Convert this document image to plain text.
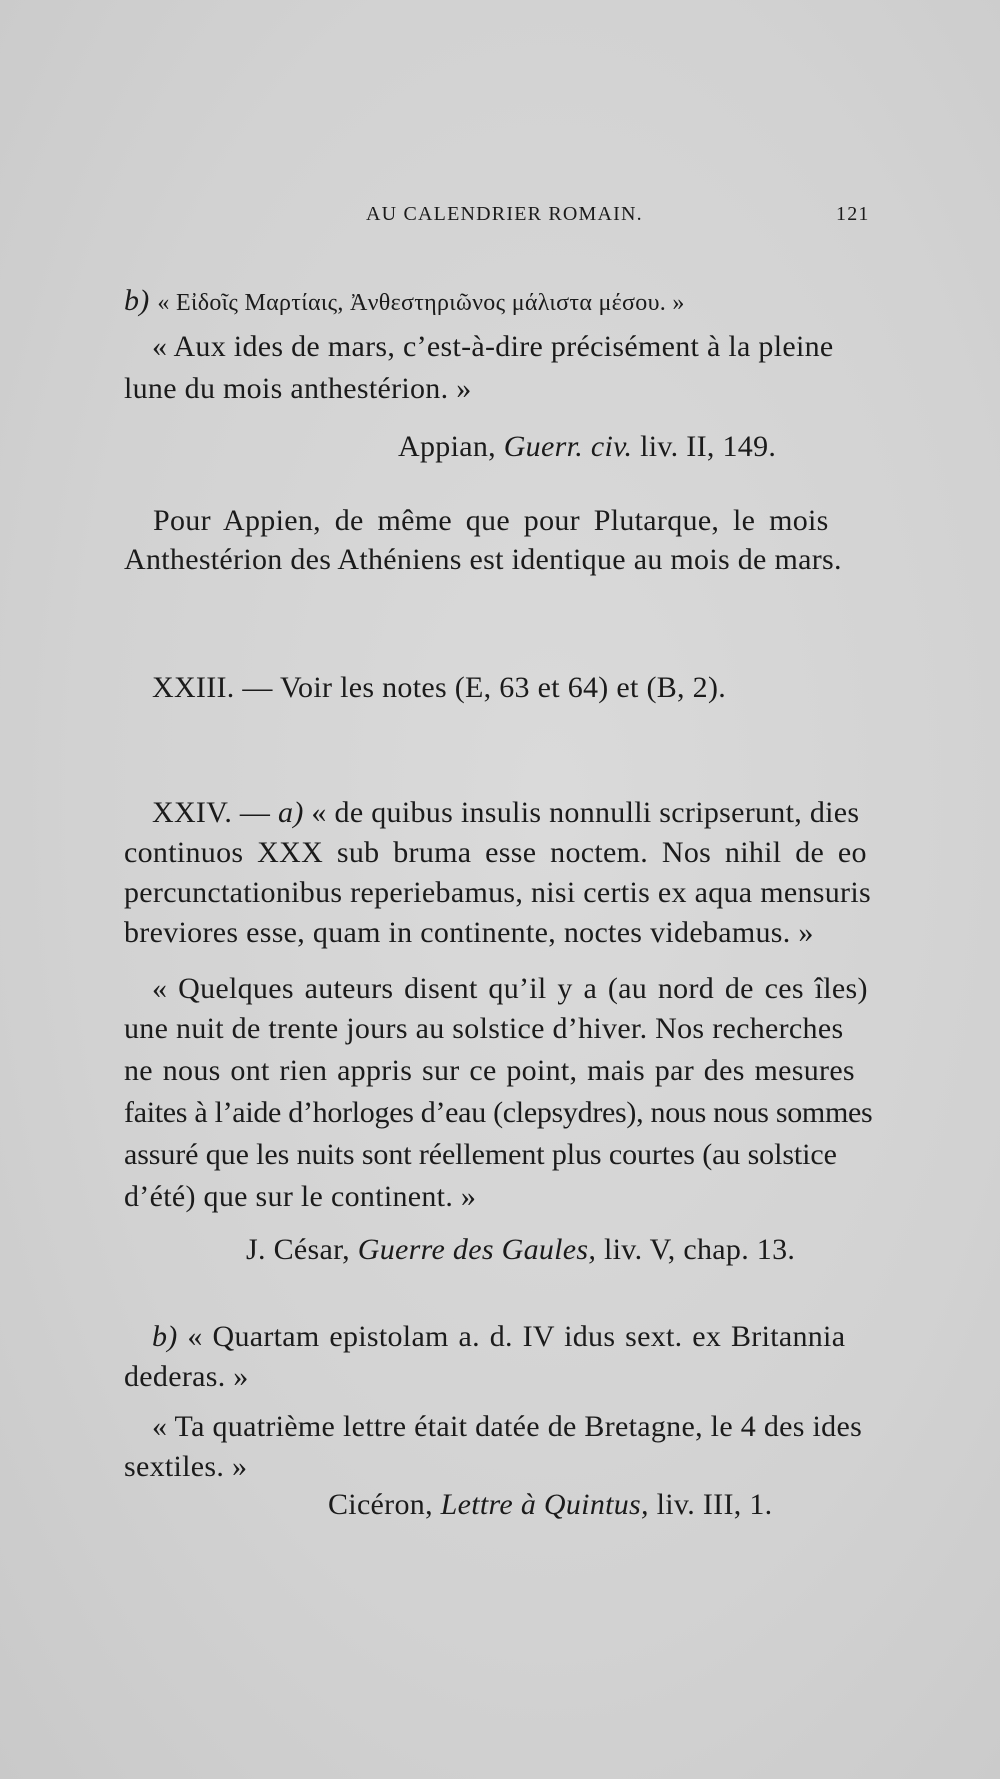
AU CALENDRIER ROMAIN.	121
b) « Εἰδοῖς Μαρτίαις, Ἀνθεστηριῶνος μάλιστα μέσου. »
« Aux ides de mars, c’est-à-dire précisément à la pleine
lune du mois anthestérion. »
Appian, Guerr. civ. liv. II, 149.
Pour Appien, de même que pour Plutarque, le mois
Anthestérion des Athéniens est identique au mois de mars.
XXIII. — Voir les notes (E, 63 et 64) et (B, 2).
XXIV. — a) « de quibus insulis nonnulli scripserunt, dies
continuos XXX sub bruma esse noctem. Nos nihil de eo
percunctationibus reperiebamus, nisi certis ex aqua mensuris
breviores esse, quam in continente, noctes videbamus. »
« Quelques auteurs disent qu’il y a (au nord de ces îles)
une nuit de trente jours au solstice d’hiver. Nos recherches
ne nous ont rien appris sur ce point, mais par des mesures
faites à l’aide d’horloges d’eau (clepsydres), nous nous sommes
assuré que les nuits sont réellement plus courtes (au solstice
d’été) que sur le continent. »
J. César, Guerre des Gaules, liv. V, chap. 13.
b) « Quartam epistolam a. d. IV idus sext. ex Britannia
dederas. »
« Ta quatrième lettre était datée de Bretagne, le 4 des ides
sextiles. »
Cicéron, Lettre à Quintus, liv. III, 1.
